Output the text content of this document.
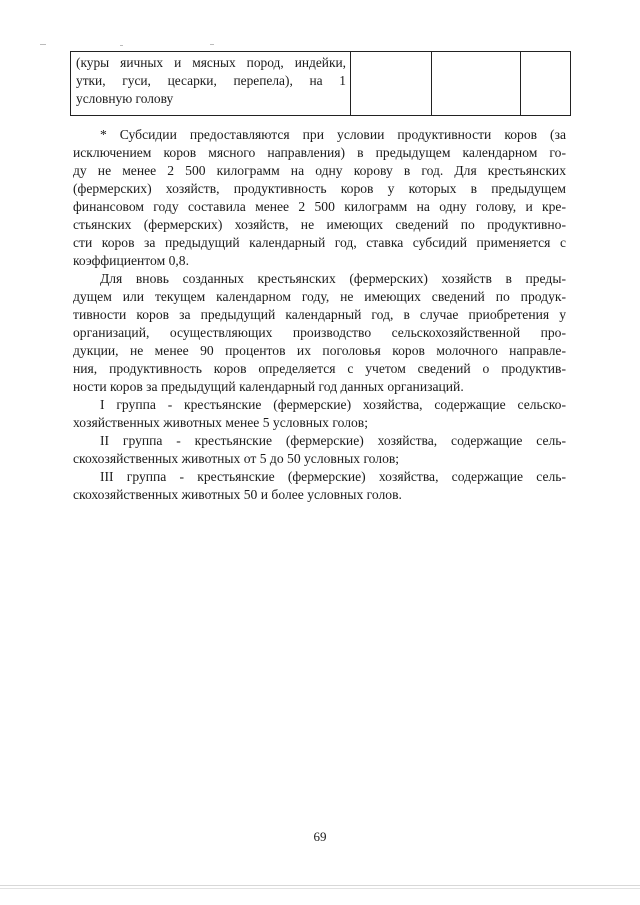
(куры яичных и мясных пород, индейки,
утки, гуси, цесарки, перепела), на 1
условную голову

* Субсидии предоставляются при условии продуктивности коров (за
исключением коров мясного направления) в предыдущем календарном го-
ду не менее 2 500 килограмм на одну корову в год. Для крестьянских
(фермерских) хозяйств, продуктивность коров у которых в предыдущем
финансовом году составила менее 2 500 килограмм на одну голову, и кре-
стьянских (фермерских) хозяйств, не имеющих сведений по продуктивно-
сти коров за предыдущий календарный год, ставка субсидий применяется с
коэффициентом 0,8.
Для вновь созданных крестьянских (фермерских) хозяйств в преды-
дущем или текущем календарном году, не имеющих сведений по продук-
тивности коров за предыдущий календарный год, в случае приобретения у
организаций, осуществляющих производство сельскохозяйственной про-
дукции, не менее 90 процентов их поголовья коров молочного направле-
ния, продуктивность коров определяется с учетом сведений о продуктив-
ности коров за предыдущий календарный год данных организаций.
I группа - крестьянские (фермерские) хозяйства, содержащие сельско-
хозяйственных животных менее 5 условных голов;
II группа - крестьянские (фермерские) хозяйства, содержащие сель-
скохозяйственных животных от 5 до 50 условных голов;
III группа - крестьянские (фермерские) хозяйства, содержащие сель-
скохозяйственных животных 50 и более условных голов.
69
